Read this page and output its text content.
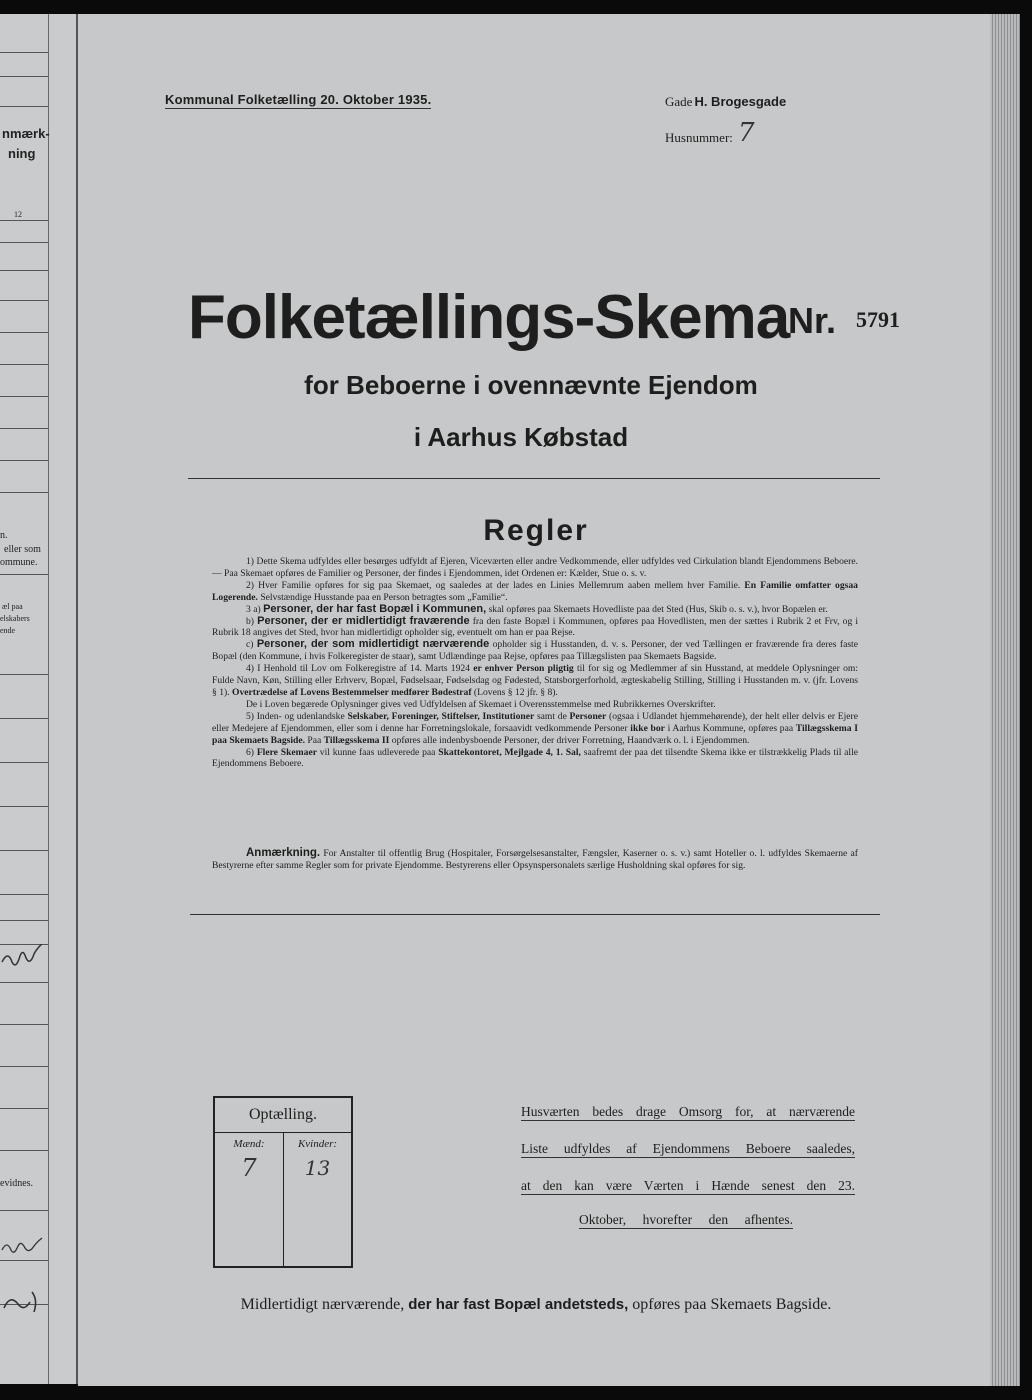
nmærk-
ning
12
n.
eller som
ommune.
æl paa
elskabers
ende
evidnes.
Kommunal Folketælling 20. Oktober 1935.	Gade H. Brogesgade
Husnummer: 7
Folketællings-Skema
Nr. 5791
for Beboerne i ovennævnte Ejendom
i Aarhus Købstad
Regler

1) Dette Skema udfyldes eller besørges udfyldt af Ejeren, Viceværten eller andre Vedkommende, eller udfyldes ved Cirkulation blandt Ejendommens Beboere. — Paa Skemaet opføres de Familier og Personer, der findes i Ejendommen, idet Ordenen er: Kælder, Stue o. s. v.

2) Hver Familie opføres for sig paa Skemaet, og saaledes at der lades en Linies Mellemrum aaben mellem hver Familie. En Familie omfatter ogsaa Logerende. Selvstændige Husstande paa en Person betragtes som „Familie“.

3 a) Personer, der har fast Bopæl i Kommunen, skal opføres paa Skemaets Hovedliste paa det Sted (Hus, Skib o. s. v.), hvor Bopælen er.

b) Personer, der er midlertidigt fraværende fra den faste Bopæl i Kommunen, opføres paa Hovedlisten, men der sættes i Rubrik 2 et Frv, og i Rubrik 18 angives det Sted, hvor han midlertidigt opholder sig, eventuelt om han er paa Rejse.

c) Personer, der som midlertidigt nærværende opholder sig i Husstanden, d. v. s. Personer, der ved Tællingen er fraværende fra deres faste Bopæl (den Kommune, i hvis Folkeregister de staar), samt Udlændinge paa Rejse, opføres paa Tillægslisten paa Skemaets Bagside.

4) I Henhold til Lov om Folkeregistre af 14. Marts 1924 er enhver Person pligtig til for sig og Medlemmer af sin Husstand, at meddele Oplysninger om: Fulde Navn, Køn, Stilling eller Erhverv, Bopæl, Fødselsaar, Fødselsdag og Fødested, Statsborgerforhold, ægteskabelig Stilling, Stilling i Husstanden m. v. (jfr. Lovens § 1). Overtrædelse af Lovens Bestemmelser medfører Bødestraf (Lovens § 12 jfr. § 8).

De i Loven begærede Oplysninger gives ved Udfyldelsen af Skemaet i Overensstemmelse med Rubrikkernes Overskrifter.

5) Inden- og udenlandske Selskaber, Foreninger, Stiftelser, Institutioner samt de Personer (ogsaa i Udlandet hjemmehørende), der helt eller delvis er Ejere eller Medejere af Ejendommen, eller som i denne har Forretningslokale, forsaavidt vedkommende Personer ikke bor i Aarhus Kommune, opføres paa Tillægsskema I paa Skemaets Bagside. Paa Tillægsskema II opføres alle indenbysboende Personer, der driver Forretning, Haandværk o. l. i Ejendommen.

6) Flere Skemaer vil kunne faas udleverede paa Skattekontoret, Mejlgade 4, 1. Sal, saafremt der paa det tilsendte Skema ikke er tilstrækkelig Plads til alle Ejendommens Beboere.

Anmærkning. For Anstalter til offentlig Brug (Hospitaler, Forsørgelsesanstalter, Fængsler, Kaserner o. s. v.) samt Hoteller o. l. udfyldes Skemaerne af Bestyrerne efter samme Regler som for private Ejendomme. Bestyrerens eller Opsynspersonalets særlige Husholdning skal opføres for sig.

Optælling.
Mænd:	Kvinder:
7	13
Husværten bedes drage Omsorg for, at nærværende
Liste udfyldes af Ejendommens Beboere saaledes,
at den kan være Værten i Hænde senest den 23.
Oktober, hvorefter den afhentes.
Midlertidigt nærværende, der har fast Bopæl andetsteds, opføres paa Skemaets Bagside.
